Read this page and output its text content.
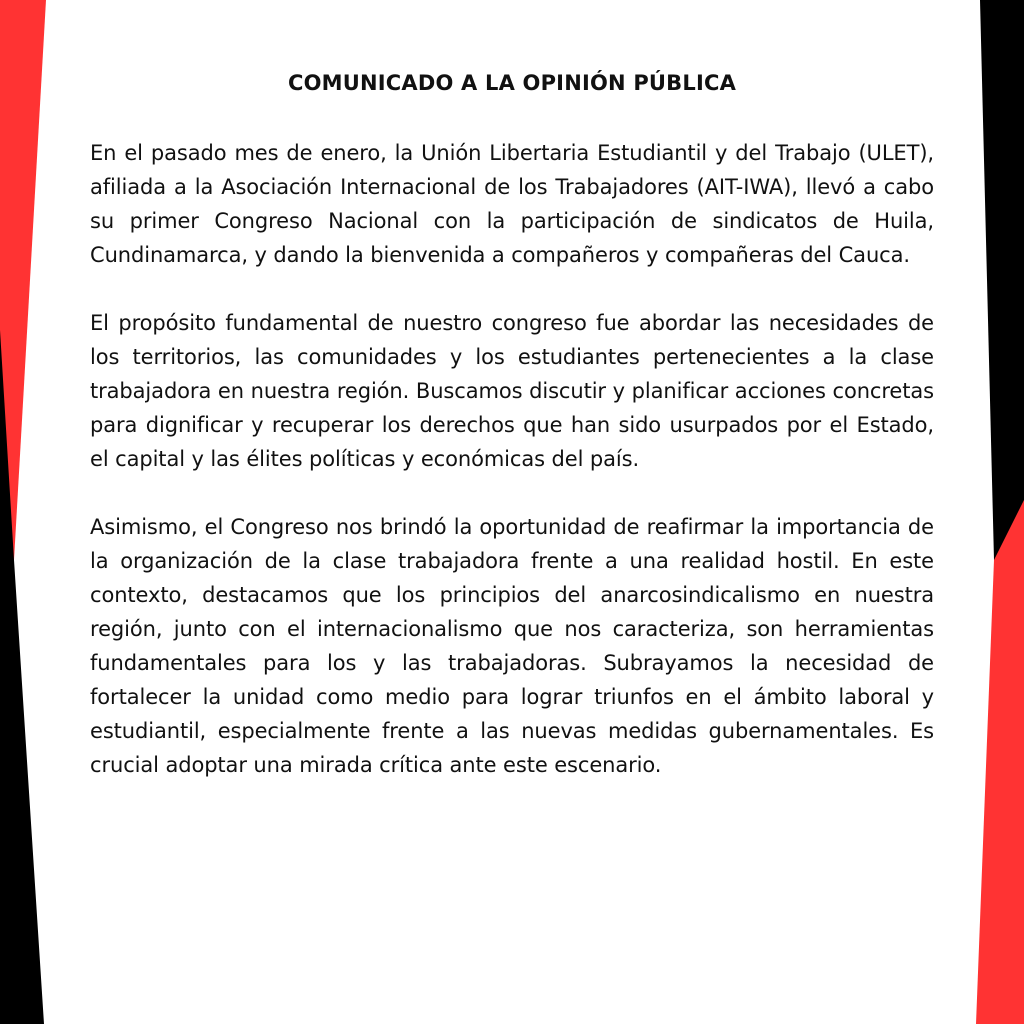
COMUNICADO A LA OPINIÓN PÚBLICA

En el pasado mes de enero, la Unión Libertaria Estudiantil y del Trabajo (ULET), afiliada a la Asociación Internacional de los Trabajadores (AIT-IWA), llevó a cabo su primer Congreso Nacional con la participación de sindicatos de Huila, Cundinamarca, y dando la bienvenida a compañeros y compañeras del Cauca.

El propósito fundamental de nuestro congreso fue abordar las necesidades de los territorios, las comunidades y los estudiantes pertenecientes a la clase trabajadora en nuestra región. Buscamos discutir y planificar acciones concretas para dignificar y recuperar los derechos que han sido usurpados por el Estado, el capital y las élites políticas y económicas del país.

Asimismo, el Congreso nos brindó la oportunidad de reafirmar la importancia de la organización de la clase trabajadora frente a una realidad hostil. En este contexto, destacamos que los principios del anarcosindicalismo en nuestra región, junto con el internacionalismo que nos caracteriza, son herramientas fundamentales para los y las trabajadoras. Subrayamos la necesidad de fortalecer la unidad como medio para lograr triunfos en el ámbito laboral y estudiantil, especialmente frente a las nuevas medidas gubernamentales. Es crucial adoptar una mirada crítica ante este escenario.
